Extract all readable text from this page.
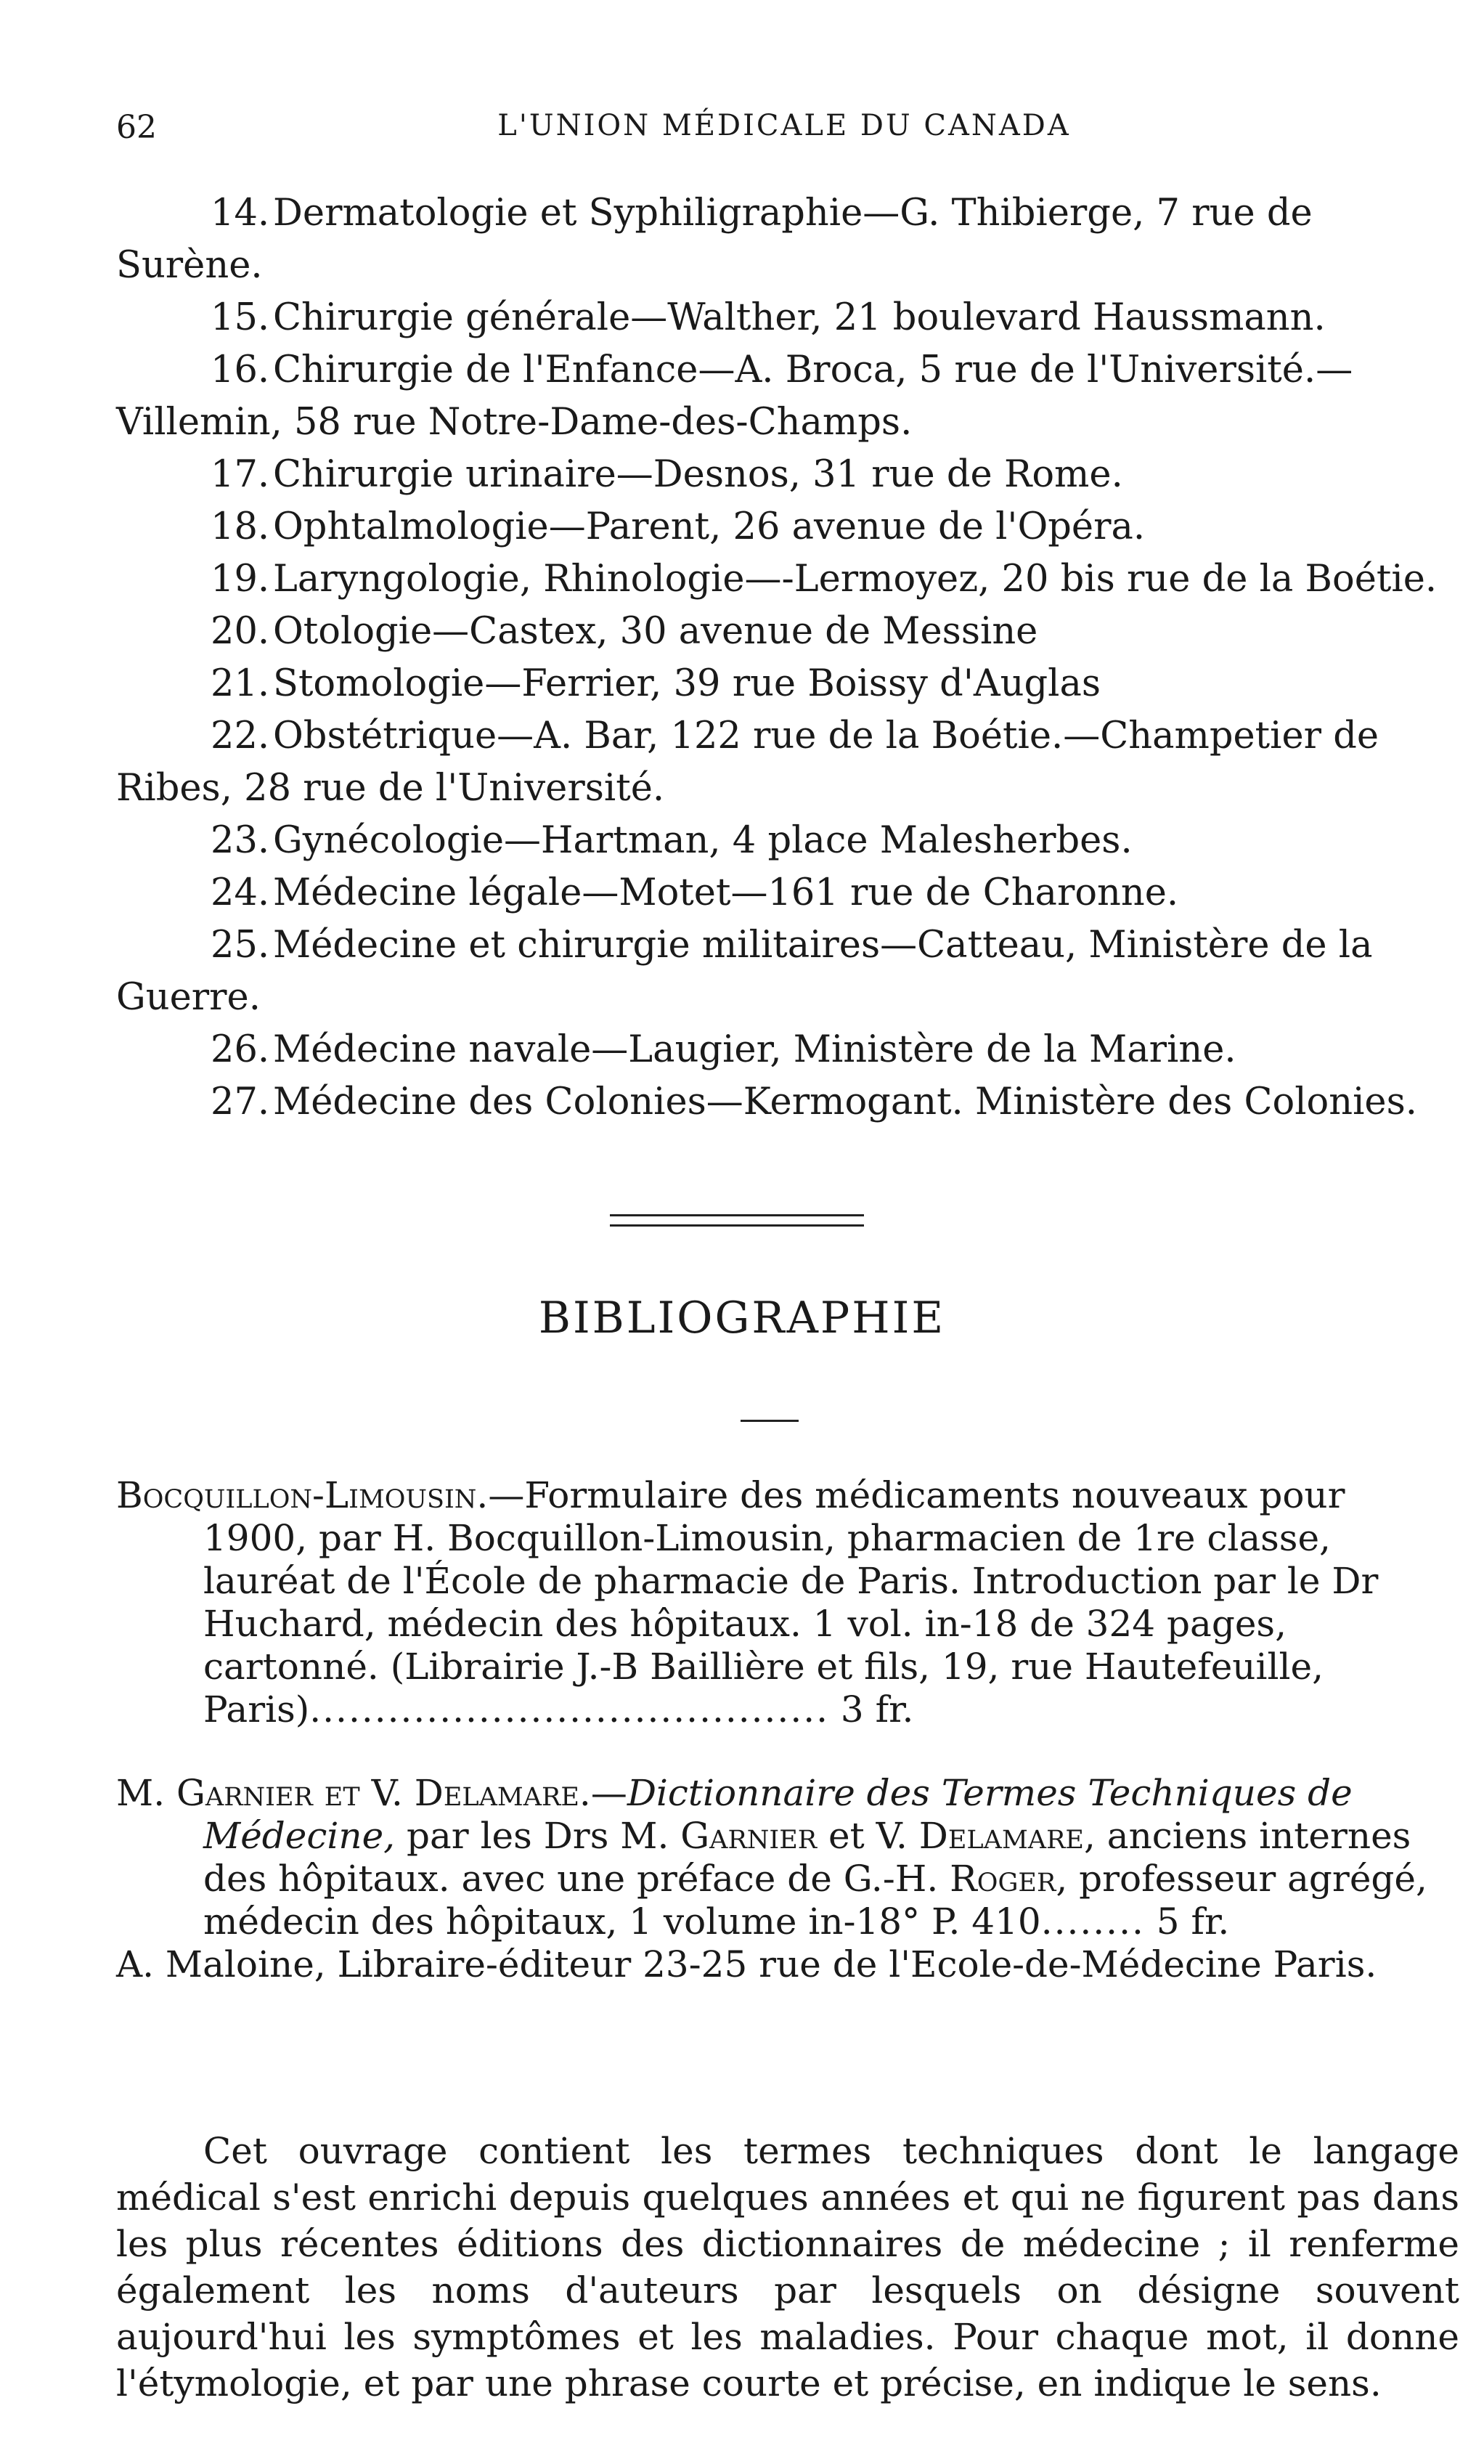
62	L'UNION MÉDICALE DU CANADA

14.Dermatologie et Syphiligraphie—G. Thibierge, 7 rue de Surène.

15.Chirurgie générale—Walther, 21 boulevard Haussmann.

16.Chirurgie de l'Enfance—A. Broca, 5 rue de l'Université.—Villemin, 58 rue Notre-Dame-des-Champs.

17.Chirurgie urinaire—Desnos, 31 rue de Rome.

18.Ophtalmologie—Parent, 26 avenue de l'Opéra.

19.Laryngologie, Rhinologie—-Lermoyez, 20 bis rue de la Boétie.

20.Otologie—Castex, 30 avenue de Messine

21.Stomologie—Ferrier, 39 rue Boissy d'Auglas

22.Obstétrique—A. Bar, 122 rue de la Boétie.—Champetier de Ribes, 28 rue de l'Université.

23.Gynécologie—Hartman, 4 place Malesherbes.

24.Médecine légale—Motet—161 rue de Charonne.

25.Médecine et chirurgie militaires—Catteau, Ministère de la Guerre.

26.Médecine navale—Laugier, Ministère de la Marine.

27.Médecine des Colonies—Kermogant. Ministère des Colonies.

BIBLIOGRAPHIE

Bocquillon-Limousin.—Formulaire des médicaments nouveaux pour 1900, par H. Bocquillon-Limousin, pharmacien de 1re classe, lauréat de l'École de pharmacie de Paris. Introduction par le Dr Huchard, médecin des hôpitaux. 1 vol. in-18 de 324 pages, cartonné. (Librairie J.-B Baillière et fils, 19, rue Hautefeuille, Paris)........................................ 3 fr.

M. Garnier et V. Delamare.—Dictionnaire des Termes Techniques de Médecine, par les Drs M. Garnier et V. Delamare, anciens internes des hôpitaux. avec une préface de G.-H. Roger, professeur agrégé, médecin des hôpitaux, 1 volume in-18° P. 410........ 5 fr.

A. Maloine, Libraire-éditeur 23-25 rue de l'Ecole-de-Médecine Paris.

Cet ouvrage contient les termes techniques dont le langage médical s'est enrichi depuis quelques années et qui ne figurent pas dans les plus récentes éditions des dictionnaires de médecine ; il renferme également les noms d'auteurs par lesquels on désigne souvent aujourd'hui les symptômes et les maladies. Pour chaque mot, il donne l'étymologie, et par une phrase courte et précise, en indique le sens.
